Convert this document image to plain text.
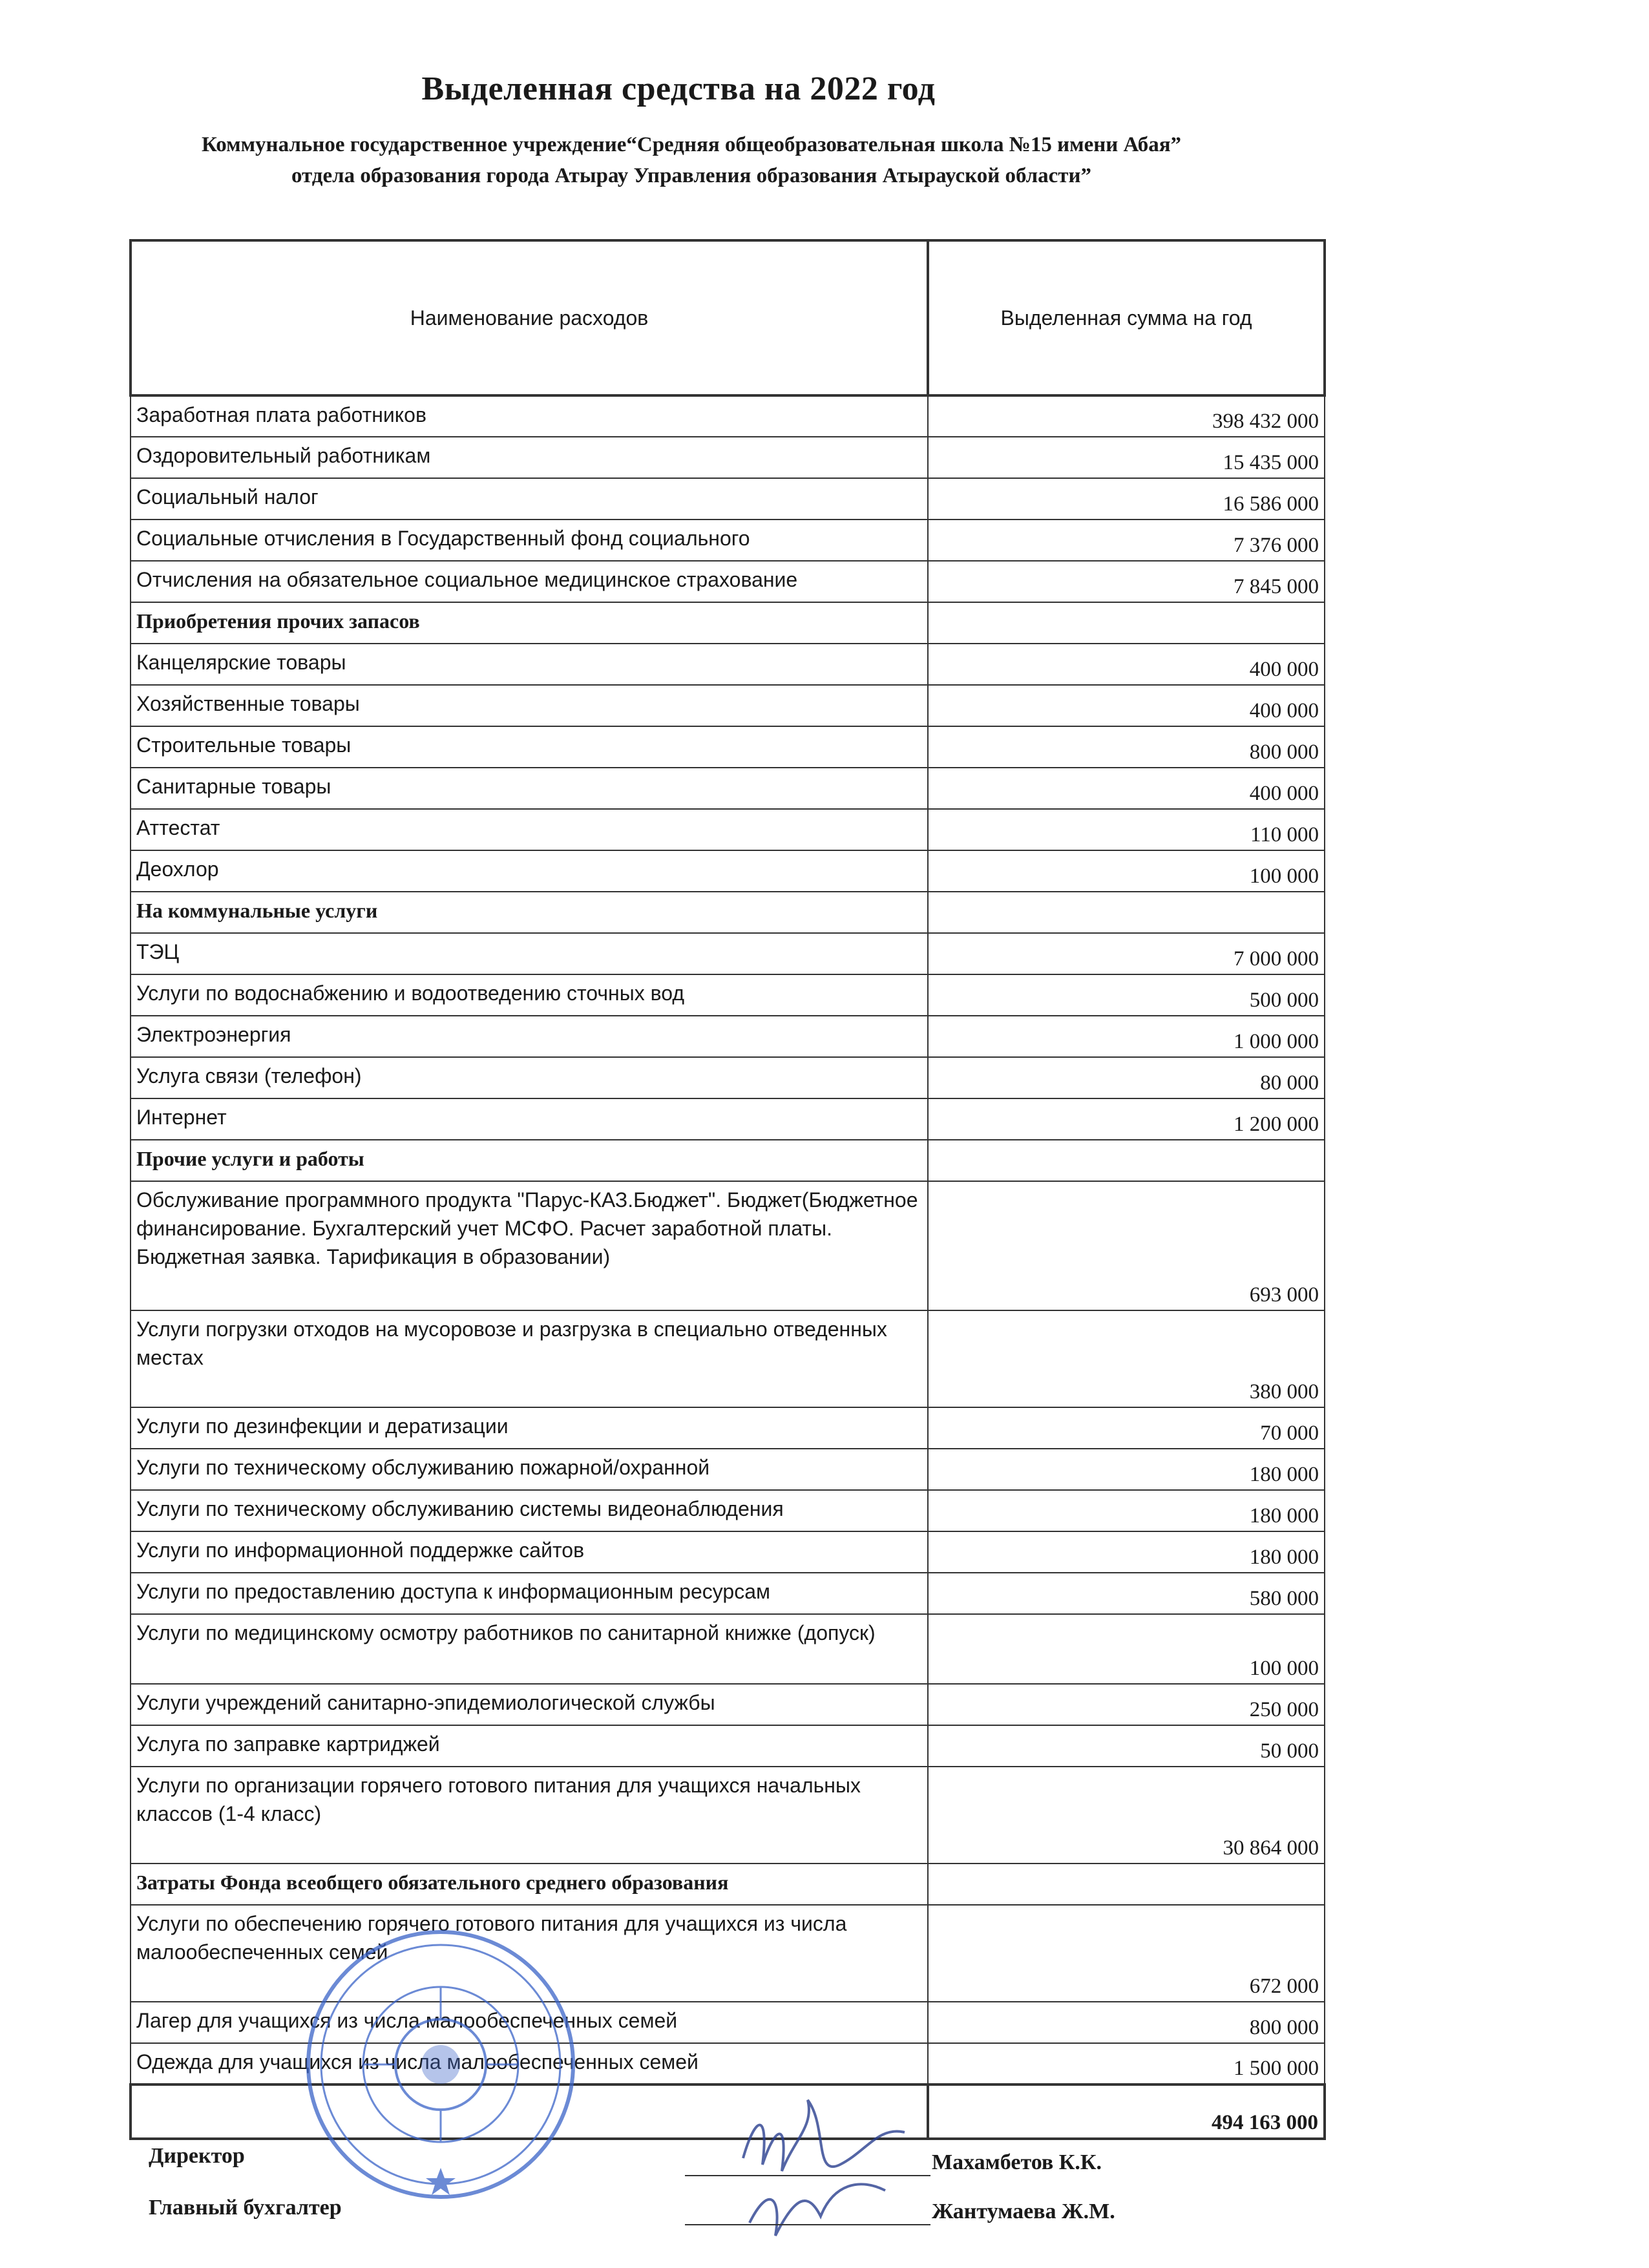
Выделенная средства на 2022 год
Коммунальное государственное учреждение“Средняя общеобразовательная школа №15 имени Абая”
отдела образования города Атырау Управления образования Атырауской области”
Наименование расходов	Выделенная сумма на год
Заработная плата работников	398 432 000
Оздоровительный работникам	15 435 000
Социальный налог	16 586 000
Социальные отчисления в Государственный фонд социального	7 376 000
Отчисления на обязательное социальное медицинское страхование	7 845 000
Приобретения прочих запасов	
Канцелярские товары	400 000
Хозяйственные товары	400 000
Строительные товары	800 000
Санитарные товары	400 000
Аттестат	110 000
Деохлор	100 000
На коммунальные услуги	
ТЭЦ	7 000 000
Услуги по водоснабжению и водоотведению сточных вод	500 000
Электроэнергия	1 000 000
Услуга связи (телефон)	80 000
Интернет	1 200 000
Прочие услуги и работы	
Обслуживание программного продукта "Парус-КАЗ.Бюджет". Бюджет(Бюджетное финансирование. Бухгалтерский учет МСФО. Расчет заработной платы. Бюджетная заявка. Тарификация в образовании)	693 000
Услуги погрузки отходов на мусоровозе и разгрузка в специально отведенных местах	380 000
Услуги по дезинфекции и дератизации	70 000
Услуги по техническому обслуживанию пожарной/охранной	180 000
Услуги по техническому обслуживанию системы видеонаблюдения	180 000
Услуги по информационной поддержке сайтов	180 000
Услуги по предоставлению доступа к информационным ресурсам	580 000
Услуги по медицинскому осмотру работников по санитарной книжке (допуск)	100 000
Услуги учреждений санитарно-эпидемиологической службы	250 000
Услуга по заправке картриджей	50 000
Услуги по организации горячего готового питания для учащихся начальных классов (1-4 класс)	30 864 000
Затраты Фонда всеобщего обязательного среднего образования	
Услуги по обеспечению горячего готового питания для учащихся из числа малообеспеченных семей	672 000
Лагер для учащихся из числа малообеспеченных семей	800 000
Одежда для учащихся из числа малообеспеченных семей	1 500 000
	494 163 000
Директор	Махамбетов К.К.
Главный бухгалтер	Жантумаева Ж.М.
